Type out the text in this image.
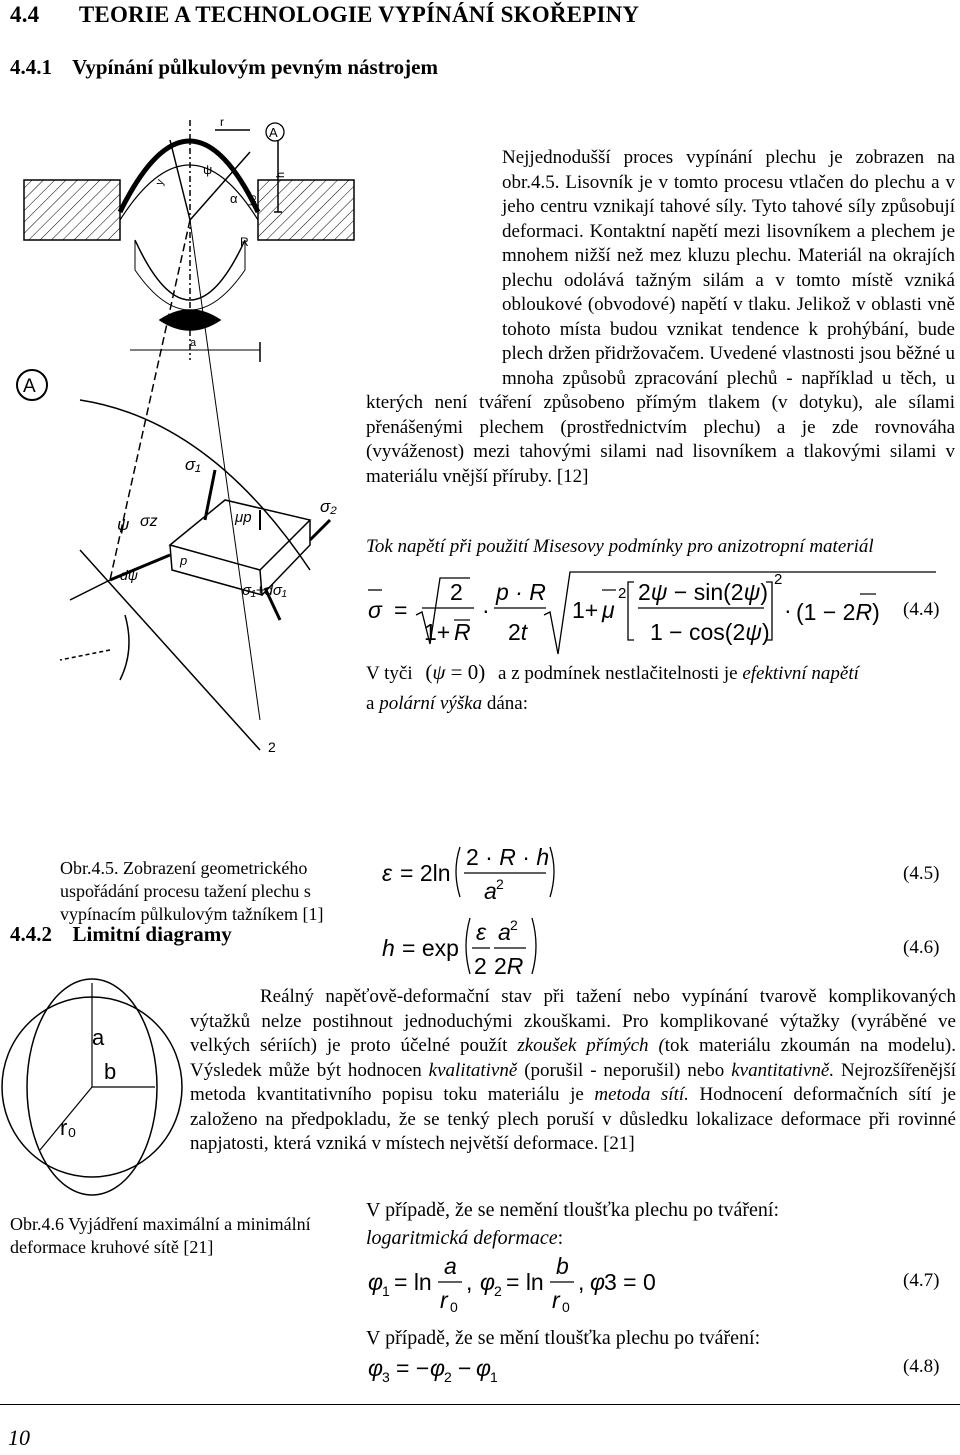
4.4 TEORIE A TECHNOLOGIE VYPÍNÁNÍ SKOŘEPINY
4.4.1 Vypínání půlkulovým pevným nástrojem

Nejjednodušší proces vypínání plechu je zobrazen na obr.4.5. Lisovník je v tomto procesu vtlačen do plechu a v jeho centru vznikají tahové síly. Tyto tahové síly způsobují deformaci. Kontaktní napětí mezi lisovníkem a plechem je mnohem nižší než mez kluzu plechu. Materiál na okrajích plechu odolává tažným silám a v tomto místě vzniká obloukové (obvodové) napětí v tlaku. Jelikož v oblasti vně tohoto místa budou vznikat tendence k prohýbání, bude plech držen přidržovačem. Uvedené vlastnosti jsou běžné u mnoha způsobů zpracování plechů - například u těch, u kterých není tváření způsobeno přímým tlakem (v dotyku), ale sílami přenášenými plechem (prostřednictvím plechu) a je zde rovnováha (vyváženost) mezi tahovými silami nad lisovníkem a tlakovými silami v materiálu vnější příruby. [12]

r
A
h
ho
y
ψ
α
R
a
A
σ₁
σ₂
σz	μp
σ₁+dσ₁
ψ
dψ
p
2
Obr.4.5. Zobrazení geometrického uspořádání procesu tažení plechu s vypínacím půlkulovým tažníkem [1]
Tok napětí při použití Misesovy podmínky pro anizotropní materiál
σ =
2
1+ R
·
p · R
2t
1+ μ
2 2ψ − sin(2ψ)
1 − cos(2ψ)
2
· (1 − 2R) (4.4)
V tyči (ψ = 0) a z podmínek nestlačitelnosti je efektivní napětí
a polární výška dána:
ε = 2ln
2 · R · h
a 2	(4.5)
h = exp
ε
2
a 2
2R
(4.6)
4.4.2 Limitní diagramy
Reálný napěťově-deformační stav při tažení nebo vypínání tvarově komplikovaných výtažků nelze postihnout jednoduchými zkouškami. Pro komplikované výtažky (vyráběné ve velkých sériích) je proto účelné použít zkoušek přímých (tok materiálu zkoumán na modelu). Výsledek může být hodnocen kvalitativně (porušil - neporušil) nebo kvantitativně. Nejrozšířenější metoda kvantitativního popisu toku materiálu je metoda sítí. Hodnocení deformačních sítí je založeno na předpokladu, že se tenký plech poruší v důsledku lokalizace deformace při rovinné napjatosti, která vzniká v místech největší deformace. [21]
a
b
r₀
Obr.4.6 Vyjádření maximální a minimální deformace kruhové sítě [21]
V případě, že se nemění tloušťka plechu po tváření:
logaritmická deformace:
φ
1 = ln
a
r 0
, φ
2 = ln
b
r 0
, φ
3 = 0	(4.7)
V případě, že se mění tloušťka plechu po tváření:
φ
3 = − φ
2 − φ
1	(4.8)
10
